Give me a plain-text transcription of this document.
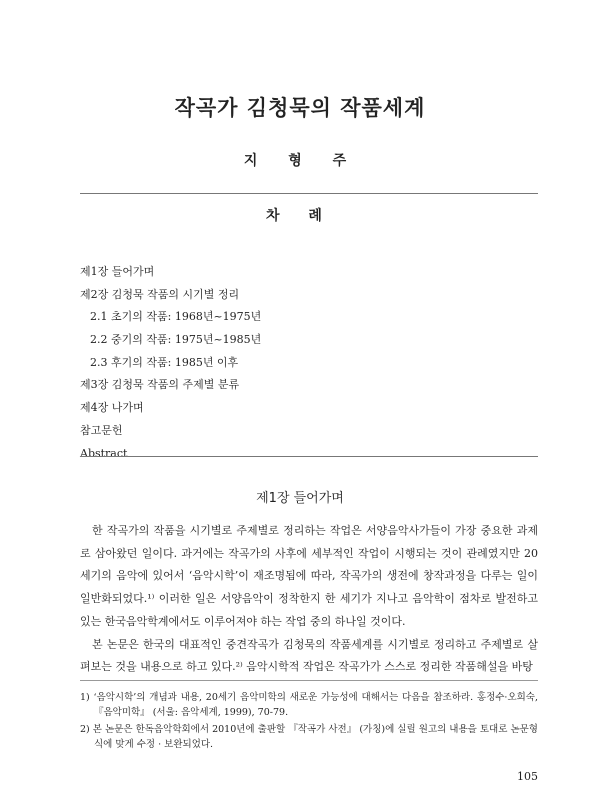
작곡가 김청묵의 작품세계
지 형 주
차 례
제1장 들어가며
제2장 김청묵 작품의 시기별 정리
2.1 초기의 작품: 1968년~1975년
2.2 중기의 작품: 1975년~1985년
2.3 후기의 작품: 1985년 이후
제3장 김청묵 작품의 주제별 분류
제4장 나가며
참고문헌
Abstract
제1장 들어가며

한 작곡가의 작품을 시기별로 주제별로 정리하는 작업은 서양음악사가들이 가장 중요한 과제로 삼아왔던 일이다. 과거에는 작곡가의 사후에 세부적인 작업이 시행되는 것이 관례였지만 20세기의 음악에 있어서 ‘음악시학’이 재조명됨에 따라, 작곡가의 생전에 창작과정을 다루는 일이 일반화되었다.¹⁾ 이러한 일은 서양음악이 정착한지 한 세기가 지나고 음악학이 점차로 발전하고 있는 한국음악학계에서도 이루어져야 하는 작업 중의 하나일 것이다.

본 논문은 한국의 대표적인 중견작곡가 김청묵의 작품세계를 시기별로 정리하고 주제별로 살펴보는 것을 내용으로 하고 있다.²⁾ 음악시학적 작업은 작곡가가 스스로 정리한 작품해설을 바탕

1) ‘음악시학’의 개념과 내용, 20세기 음악미학의 새로운 가능성에 대해서는 다음을 참조하라. 홍정수·오희숙, 『음악미학』 (서울: 음악세계, 1999), 70-79.
2) 본 논문은 한독음악학회에서 2010년에 출판할 『작곡가 사전』 (가칭)에 실릴 원고의 내용을 토대로 논문형식에 맞게 수정 · 보완되었다.
105
